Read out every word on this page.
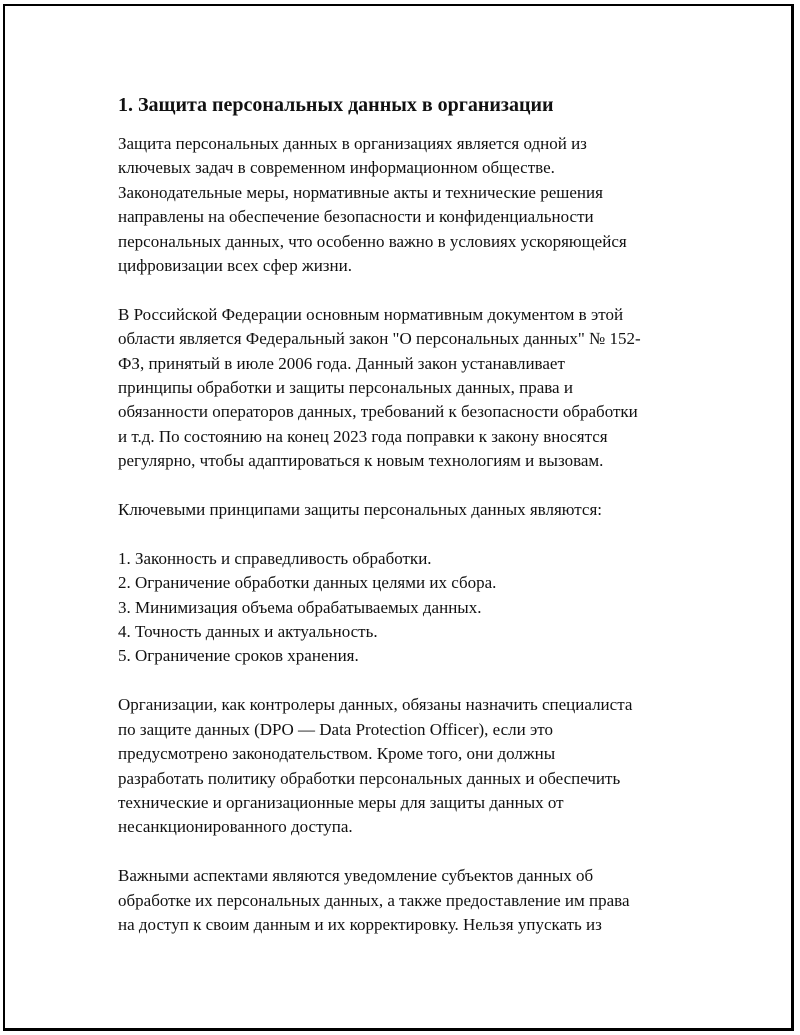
1. Защита персональных данных в организации
Защита персональных данных в организациях является одной из
ключевых задач в современном информационном обществе.
Законодательные меры, нормативные акты и технические решения
направлены на обеспечение безопасности и конфиденциальности
персональных данных, что особенно важно в условиях ускоряющейся
цифровизации всех сфер жизни.
В Российской Федерации основным нормативным документом в этой
области является Федеральный закон "О персональных данных" № 152-
ФЗ, принятый в июле 2006 года. Данный закон устанавливает
принципы обработки и защиты персональных данных, права и
обязанности операторов данных, требований к безопасности обработки
и т.д. По состоянию на конец 2023 года поправки к закону вносятся
регулярно, чтобы адаптироваться к новым технологиям и вызовам.
Ключевыми принципами защиты персональных данных являются:
1. Законность и справедливость обработки.
2. Ограничение обработки данных целями их сбора.
3. Минимизация объема обрабатываемых данных.
4. Точность данных и актуальность.
5. Ограничение сроков хранения.
Организации, как контролеры данных, обязаны назначить специалиста
по защите данных (DPO — Data Protection Officer), если это
предусмотрено законодательством. Кроме того, они должны
разработать политику обработки персональных данных и обеспечить
технические и организационные меры для защиты данных от
несанкционированного доступа.
Важными аспектами являются уведомление субъектов данных об
обработке их персональных данных, а также предоставление им права
на доступ к своим данным и их корректировку. Нельзя упускать из
